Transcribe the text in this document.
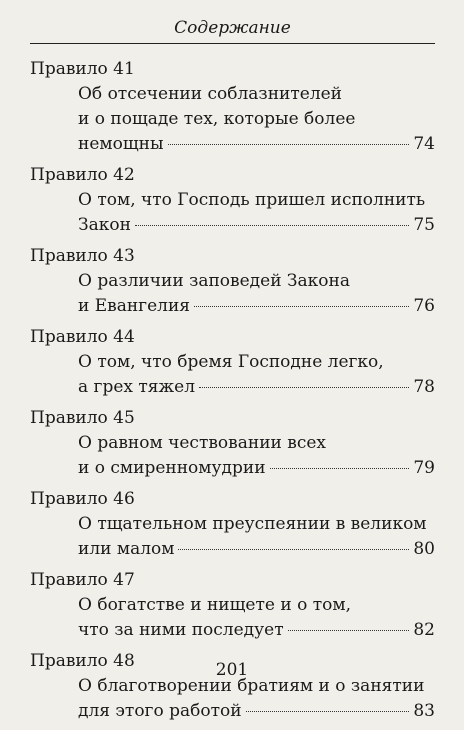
Содержание
Правило 41
Об отсечении соблазнителей
и о пощаде тех, которые более
немощны	74
Правило 42
О том, что Господь пришел исполнить
Закон	75
Правило 43
О различии заповедей Закона
и Евангелия	76
Правило 44
О том, что бремя Господне легко,
а грех тяжел	78
Правило 45
О равном чествовании всех
и о смиренномудрии	79
Правило 46
О тщательном преуспеянии в великом
или малом	80
Правило 47
О богатстве и нищете и о том,
что за ними последует	82
Правило 48
О благотворении братиям и о занятии
для этого работой	83
201
